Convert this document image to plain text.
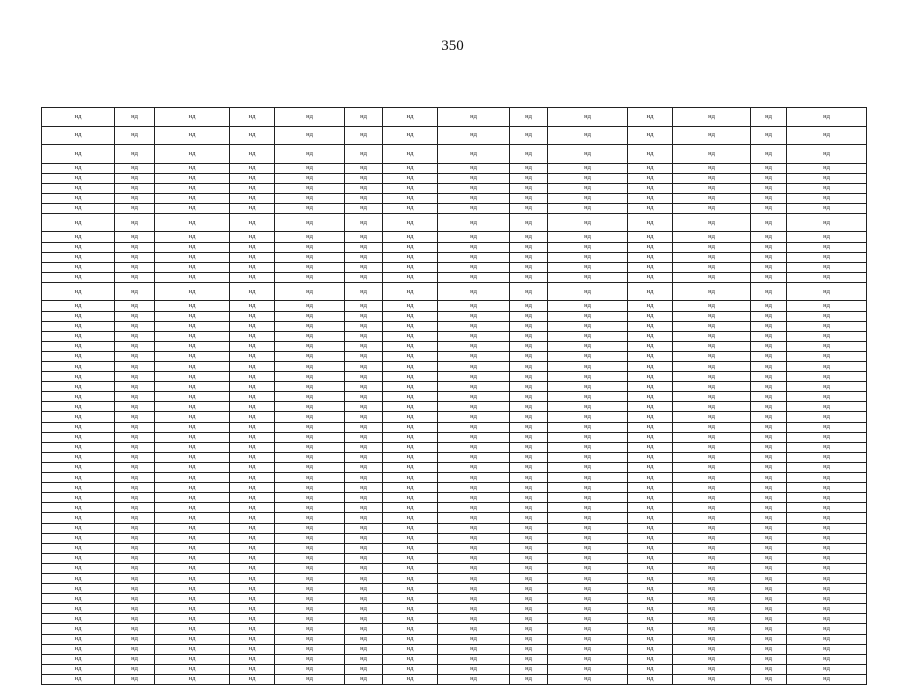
350
нд	нд	нд	нд	нд	нд	нд	нд	нд	нд	нд	нд	нд	нд
нд	нд	нд	нд	нд	нд	нд	нд	нд	нд	нд	нд	нд	нд
нд	нд	нд	нд	нд	нд	нд	нд	нд	нд	нд	нд	нд	нд
нд	нд	нд	нд	нд	нд	нд	нд	нд	нд	нд	нд	нд	нд
нд	нд	нд	нд	нд	нд	нд	нд	нд	нд	нд	нд	нд	нд
нд	нд	нд	нд	нд	нд	нд	нд	нд	нд	нд	нд	нд	нд
нд	нд	нд	нд	нд	нд	нд	нд	нд	нд	нд	нд	нд	нд
нд	нд	нд	нд	нд	нд	нд	нд	нд	нд	нд	нд	нд	нд
нд	нд	нд	нд	нд	нд	нд	нд	нд	нд	нд	нд	нд	нд
нд	нд	нд	нд	нд	нд	нд	нд	нд	нд	нд	нд	нд	нд
нд	нд	нд	нд	нд	нд	нд	нд	нд	нд	нд	нд	нд	нд
нд	нд	нд	нд	нд	нд	нд	нд	нд	нд	нд	нд	нд	нд
нд	нд	нд	нд	нд	нд	нд	нд	нд	нд	нд	нд	нд	нд
нд	нд	нд	нд	нд	нд	нд	нд	нд	нд	нд	нд	нд	нд
нд	нд	нд	нд	нд	нд	нд	нд	нд	нд	нд	нд	нд	нд
нд	нд	нд	нд	нд	нд	нд	нд	нд	нд	нд	нд	нд	нд
нд	нд	нд	нд	нд	нд	нд	нд	нд	нд	нд	нд	нд	нд
нд	нд	нд	нд	нд	нд	нд	нд	нд	нд	нд	нд	нд	нд
нд	нд	нд	нд	нд	нд	нд	нд	нд	нд	нд	нд	нд	нд
нд	нд	нд	нд	нд	нд	нд	нд	нд	нд	нд	нд	нд	нд
нд	нд	нд	нд	нд	нд	нд	нд	нд	нд	нд	нд	нд	нд
нд	нд	нд	нд	нд	нд	нд	нд	нд	нд	нд	нд	нд	нд
нд	нд	нд	нд	нд	нд	нд	нд	нд	нд	нд	нд	нд	нд
нд	нд	нд	нд	нд	нд	нд	нд	нд	нд	нд	нд	нд	нд
нд	нд	нд	нд	нд	нд	нд	нд	нд	нд	нд	нд	нд	нд
нд	нд	нд	нд	нд	нд	нд	нд	нд	нд	нд	нд	нд	нд
нд	нд	нд	нд	нд	нд	нд	нд	нд	нд	нд	нд	нд	нд
нд	нд	нд	нд	нд	нд	нд	нд	нд	нд	нд	нд	нд	нд
нд	нд	нд	нд	нд	нд	нд	нд	нд	нд	нд	нд	нд	нд
нд	нд	нд	нд	нд	нд	нд	нд	нд	нд	нд	нд	нд	нд
нд	нд	нд	нд	нд	нд	нд	нд	нд	нд	нд	нд	нд	нд
нд	нд	нд	нд	нд	нд	нд	нд	нд	нд	нд	нд	нд	нд
нд	нд	нд	нд	нд	нд	нд	нд	нд	нд	нд	нд	нд	нд
нд	нд	нд	нд	нд	нд	нд	нд	нд	нд	нд	нд	нд	нд
нд	нд	нд	нд	нд	нд	нд	нд	нд	нд	нд	нд	нд	нд
нд	нд	нд	нд	нд	нд	нд	нд	нд	нд	нд	нд	нд	нд
нд	нд	нд	нд	нд	нд	нд	нд	нд	нд	нд	нд	нд	нд
нд	нд	нд	нд	нд	нд	нд	нд	нд	нд	нд	нд	нд	нд
нд	нд	нд	нд	нд	нд	нд	нд	нд	нд	нд	нд	нд	нд
нд	нд	нд	нд	нд	нд	нд	нд	нд	нд	нд	нд	нд	нд
нд	нд	нд	нд	нд	нд	нд	нд	нд	нд	нд	нд	нд	нд
нд	нд	нд	нд	нд	нд	нд	нд	нд	нд	нд	нд	нд	нд
нд	нд	нд	нд	нд	нд	нд	нд	нд	нд	нд	нд	нд	нд
нд	нд	нд	нд	нд	нд	нд	нд	нд	нд	нд	нд	нд	нд
нд	нд	нд	нд	нд	нд	нд	нд	нд	нд	нд	нд	нд	нд
нд	нд	нд	нд	нд	нд	нд	нд	нд	нд	нд	нд	нд	нд
нд	нд	нд	нд	нд	нд	нд	нд	нд	нд	нд	нд	нд	нд
нд	нд	нд	нд	нд	нд	нд	нд	нд	нд	нд	нд	нд	нд
нд	нд	нд	нд	нд	нд	нд	нд	нд	нд	нд	нд	нд	нд
нд	нд	нд	нд	нд	нд	нд	нд	нд	нд	нд	нд	нд	нд
нд	нд	нд	нд	нд	нд	нд	нд	нд	нд	нд	нд	нд	нд
нд	нд	нд	нд	нд	нд	нд	нд	нд	нд	нд	нд	нд	нд
нд	нд	нд	нд	нд	нд	нд	нд	нд	нд	нд	нд	нд	нд
